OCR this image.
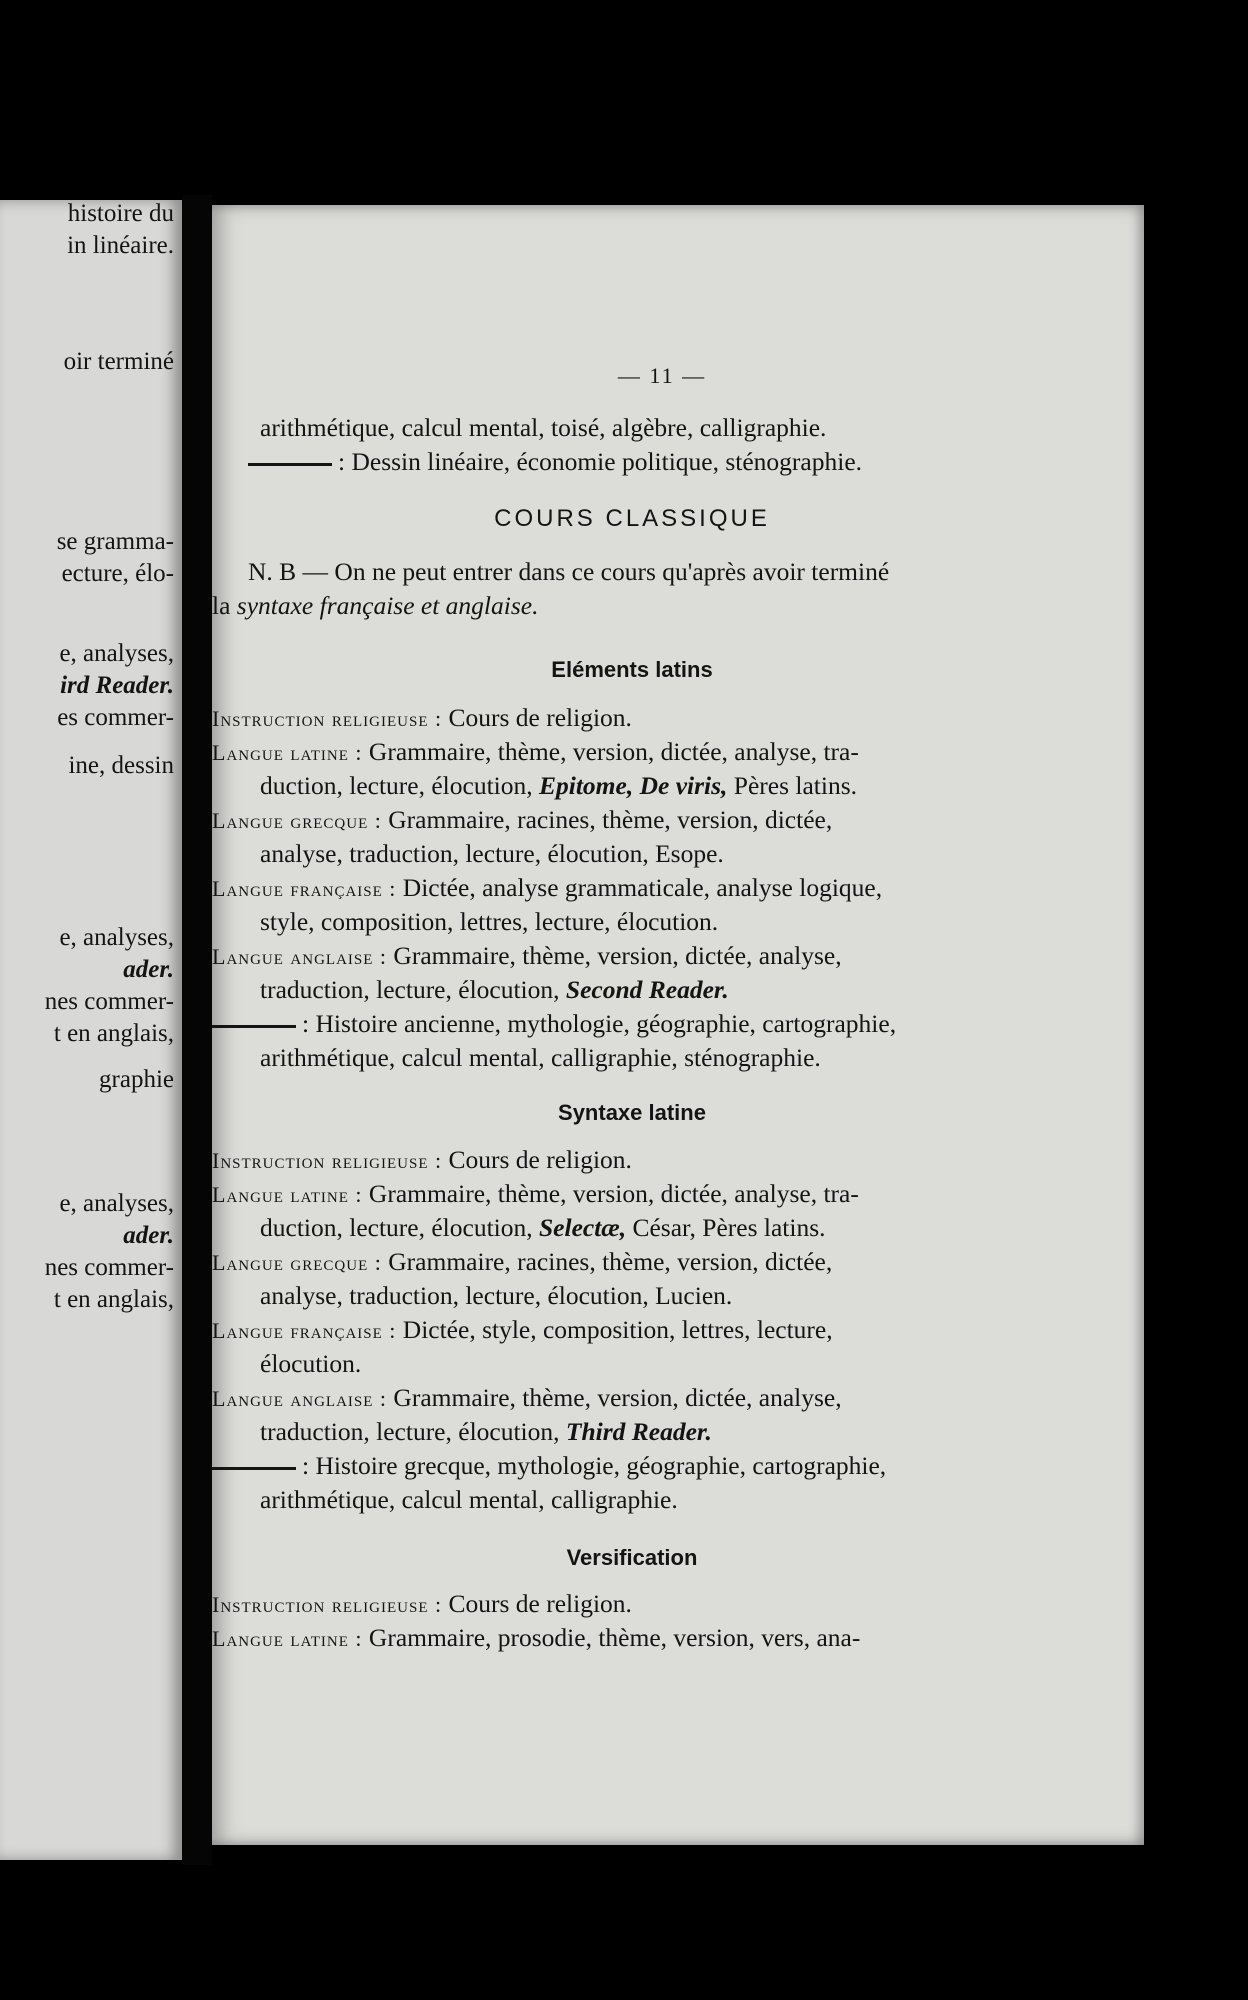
histoire du
in linéaire.
oir terminé
se gramma-
ecture, élo-
e, analyses,
ird Reader.
es commer-
ine, dessin
e, analyses,
ader.
nes commer-
t en anglais,
graphie
e, analyses,
ader.
nes commer-
t en anglais,
— 11 —
arithmétique, calcul mental, toisé, algèbre, calligraphie.
: Dessin linéaire, économie politique, sténographie.
COURS CLASSIQUE
N. B — On ne peut entrer dans ce cours qu'après avoir terminé
la syntaxe française et anglaise.
Eléments latins
Instruction religieuse : Cours de religion.
Langue latine : Grammaire, thème, version, dictée, analyse, tra-
duction, lecture, élocution, Epitome, De viris, Pères latins.
Langue grecque : Grammaire, racines, thème, version, dictée,
analyse, traduction, lecture, élocution, Esope.
Langue française : Dictée, analyse grammaticale, analyse logique,
style, composition, lettres, lecture, élocution.
Langue anglaise : Grammaire, thème, version, dictée, analyse,
traduction, lecture, élocution, Second Reader.
: Histoire ancienne, mythologie, géographie, cartographie,
arithmétique, calcul mental, calligraphie, sténographie.
Syntaxe latine
Instruction religieuse : Cours de religion.
Langue latine : Grammaire, thème, version, dictée, analyse, tra-
duction, lecture, élocution, Selectæ, César, Pères latins.
Langue grecque : Grammaire, racines, thème, version, dictée,
analyse, traduction, lecture, élocution, Lucien.
Langue française : Dictée, style, composition, lettres, lecture,
élocution.
Langue anglaise : Grammaire, thème, version, dictée, analyse,
traduction, lecture, élocution, Third Reader.
: Histoire grecque, mythologie, géographie, cartographie,
arithmétique, calcul mental, calligraphie.
Versification
Instruction religieuse : Cours de religion.
Langue latine : Grammaire, prosodie, thème, version, vers, ana-
